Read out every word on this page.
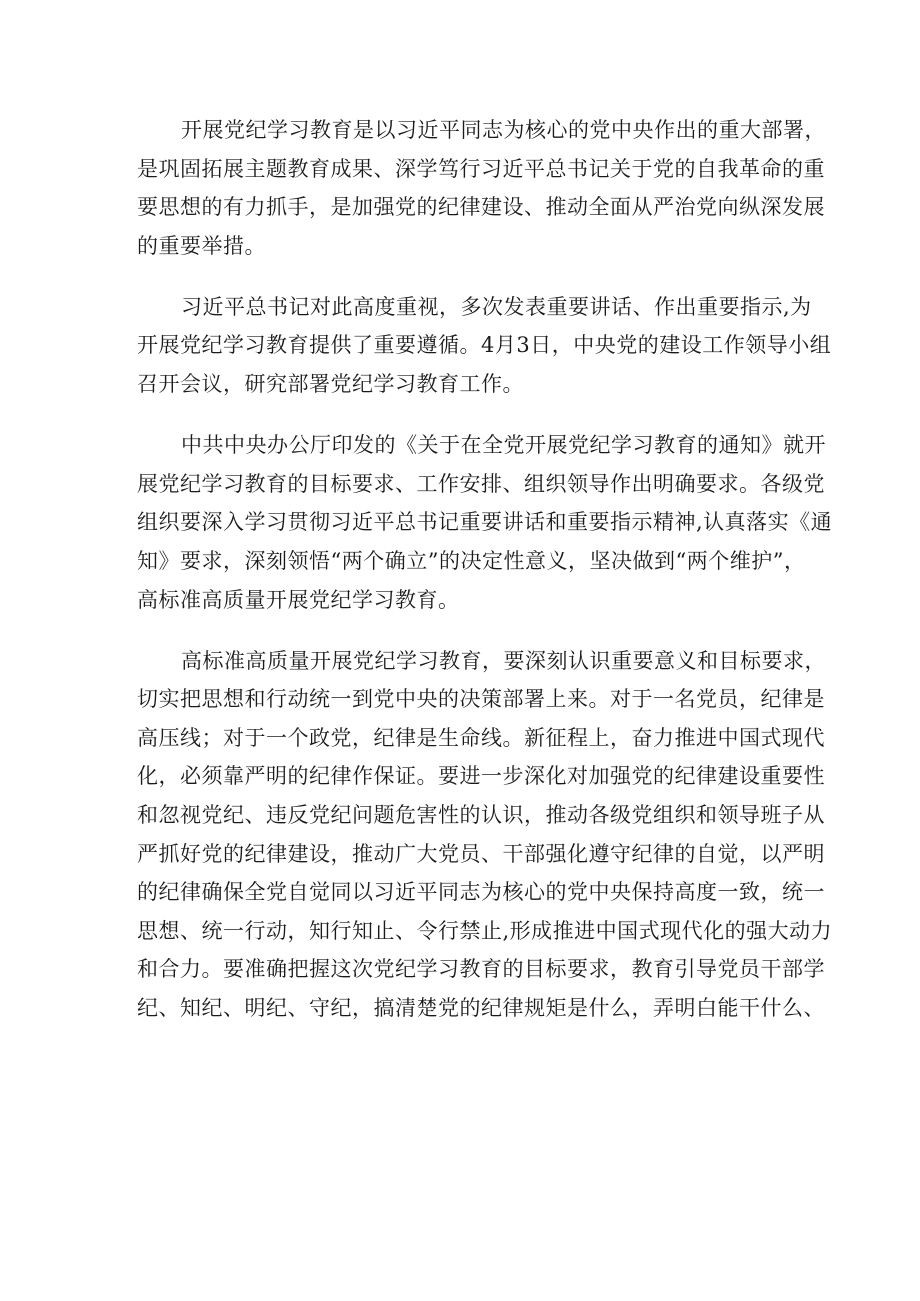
开展党纪学习教育是以习近平同志为核心的党中央作出的重大部署，
是巩固拓展主题教育成果、深学笃行习近平总书记关于党的自我革命的重
要思想的有力抓手，是加强党的纪律建设、推动全面从严治党向纵深发展
的重要举措。
习近平总书记对此高度重视，多次发表重要讲话、作出重要指示,为
开展党纪学习教育提供了重要遵循。4月3日，中央党的建设工作领导小组
召开会议，研究部署党纪学习教育工作。
中共中央办公厅印发的《关于在全党开展党纪学习教育的通知》就开
展党纪学习教育的目标要求、工作安排、组织领导作出明确要求。各级党
组织要深入学习贯彻习近平总书记重要讲话和重要指示精神,认真落实《通
知》要求，深刻领悟“两个确立”的决定性意义，坚决做到“两个维护”，
高标准高质量开展党纪学习教育。
高标准高质量开展党纪学习教育，要深刻认识重要意义和目标要求，
切实把思想和行动统一到党中央的决策部署上来。对于一名党员，纪律是
高压线；对于一个政党，纪律是生命线。新征程上，奋力推进中国式现代
化，必须靠严明的纪律作保证。要进一步深化对加强党的纪律建设重要性
和忽视党纪、违反党纪问题危害性的认识，推动各级党组织和领导班子从
严抓好党的纪律建设，推动广大党员、干部强化遵守纪律的自觉，以严明
的纪律确保全党自觉同以习近平同志为核心的党中央保持高度一致，统一
思想、统一行动，知行知止、令行禁止,形成推进中国式现代化的强大动力
和合力。要准确把握这次党纪学习教育的目标要求，教育引导党员干部学
纪、知纪、明纪、守纪，搞清楚党的纪律规矩是什么，弄明白能干什么、
